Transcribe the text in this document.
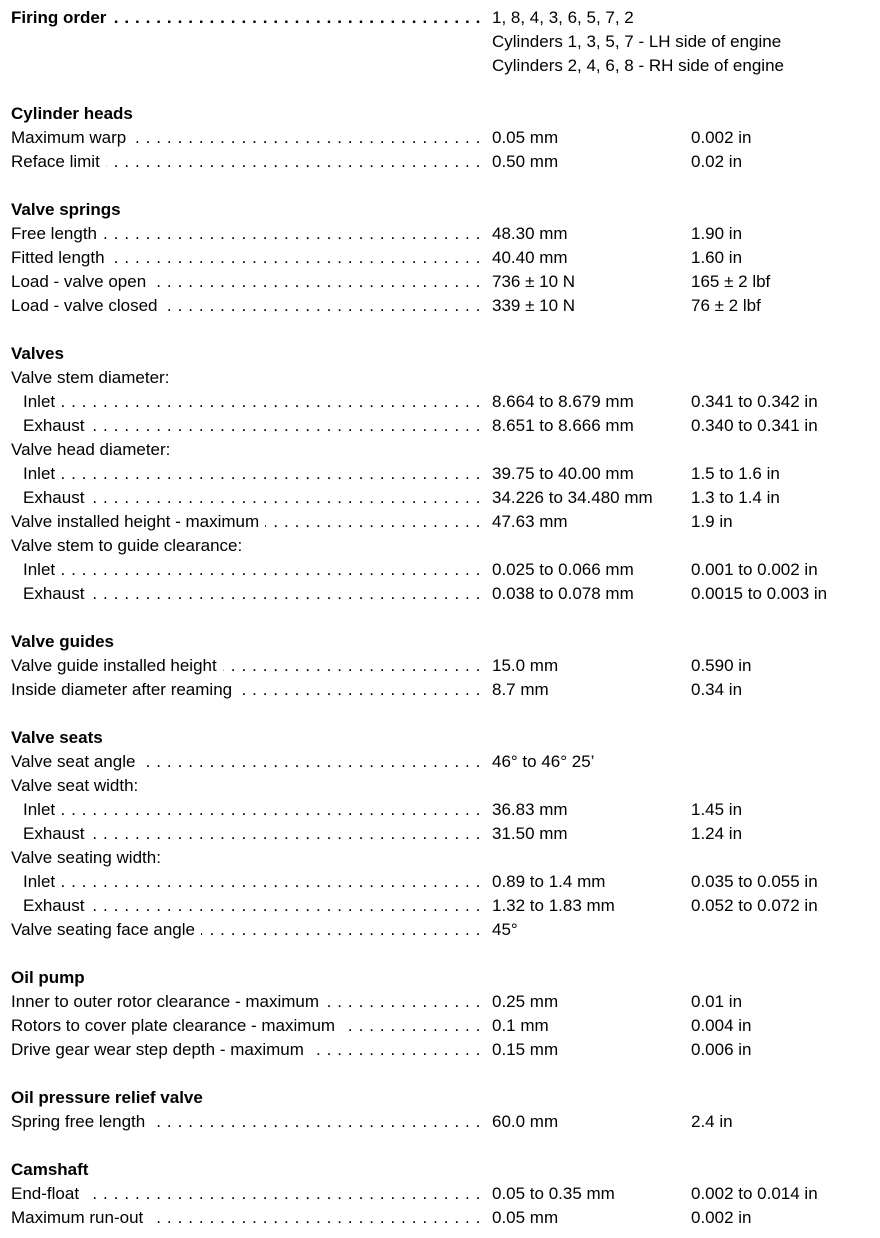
Firing order . . .	1, 8, 4, 3, 6, 5, 7, 2
Cylinders 1, 3, 5, 7 - LH side of engine
Cylinders 2, 4, 6, 8 - RH side of engine
Cylinder heads
Maximum warp . . .	0.05 mm	0.002 in
Reface limit . . .	0.50 mm	0.02 in
Valve springs
Free length . . .	48.30 mm	1.90 in
Fitted length . . .	40.40 mm	1.60 in
Load - valve open . . .	736 ± 10 N	165 ± 2 lbf
Load - valve closed . . .	339 ± 10 N	76 ± 2 lbf
Valves
Valve stem diameter:
Inlet . . .	8.664 to 8.679 mm	0.341 to 0.342 in
Exhaust . . .	8.651 to 8.666 mm	0.340 to 0.341 in
Valve head diameter:
Inlet . . .	39.75 to 40.00 mm	1.5 to 1.6 in
Exhaust . . .	34.226 to 34.480 mm 1.3 to 1.4 in
Valve installed height - maximum . . .	47.63 mm	1.9 in
Valve stem to guide clearance:
Inlet . . .	0.025 to 0.066 mm	0.001 to 0.002 in
Exhaust . . .	0.038 to 0.078 mm	0.0015 to 0.003 in
Valve guides
Valve guide installed height . . .	15.0 mm	0.590 in
Inside diameter after reaming . . .	8.7 mm	0.34 in
Valve seats
Valve seat angle . . .	46° to 46° 25’
Valve seat width:
Inlet . . .	36.83 mm	1.45 in
Exhaust . . .	31.50 mm	1.24 in
Valve seating width:
Inlet . . .	0.89 to 1.4 mm	0.035 to 0.055 in
Exhaust . . .	1.32 to 1.83 mm	0.052 to 0.072 in
Valve seating face angle . . .	45°
Oil pump
Inner to outer rotor clearance - maximum . . .	0.25 mm	0.01 in
Rotors to cover plate clearance - maximum . . .	0.1 mm	0.004 in
Drive gear wear step depth - maximum . . .	0.15 mm	0.006 in
Oil pressure relief valve
Spring free length . . .	60.0 mm	2.4 in
Camshaft
End-float . . .	0.05 to 0.35 mm	0.002 to 0.014 in
Maximum run-out . . .	0.05 mm	0.002 in
